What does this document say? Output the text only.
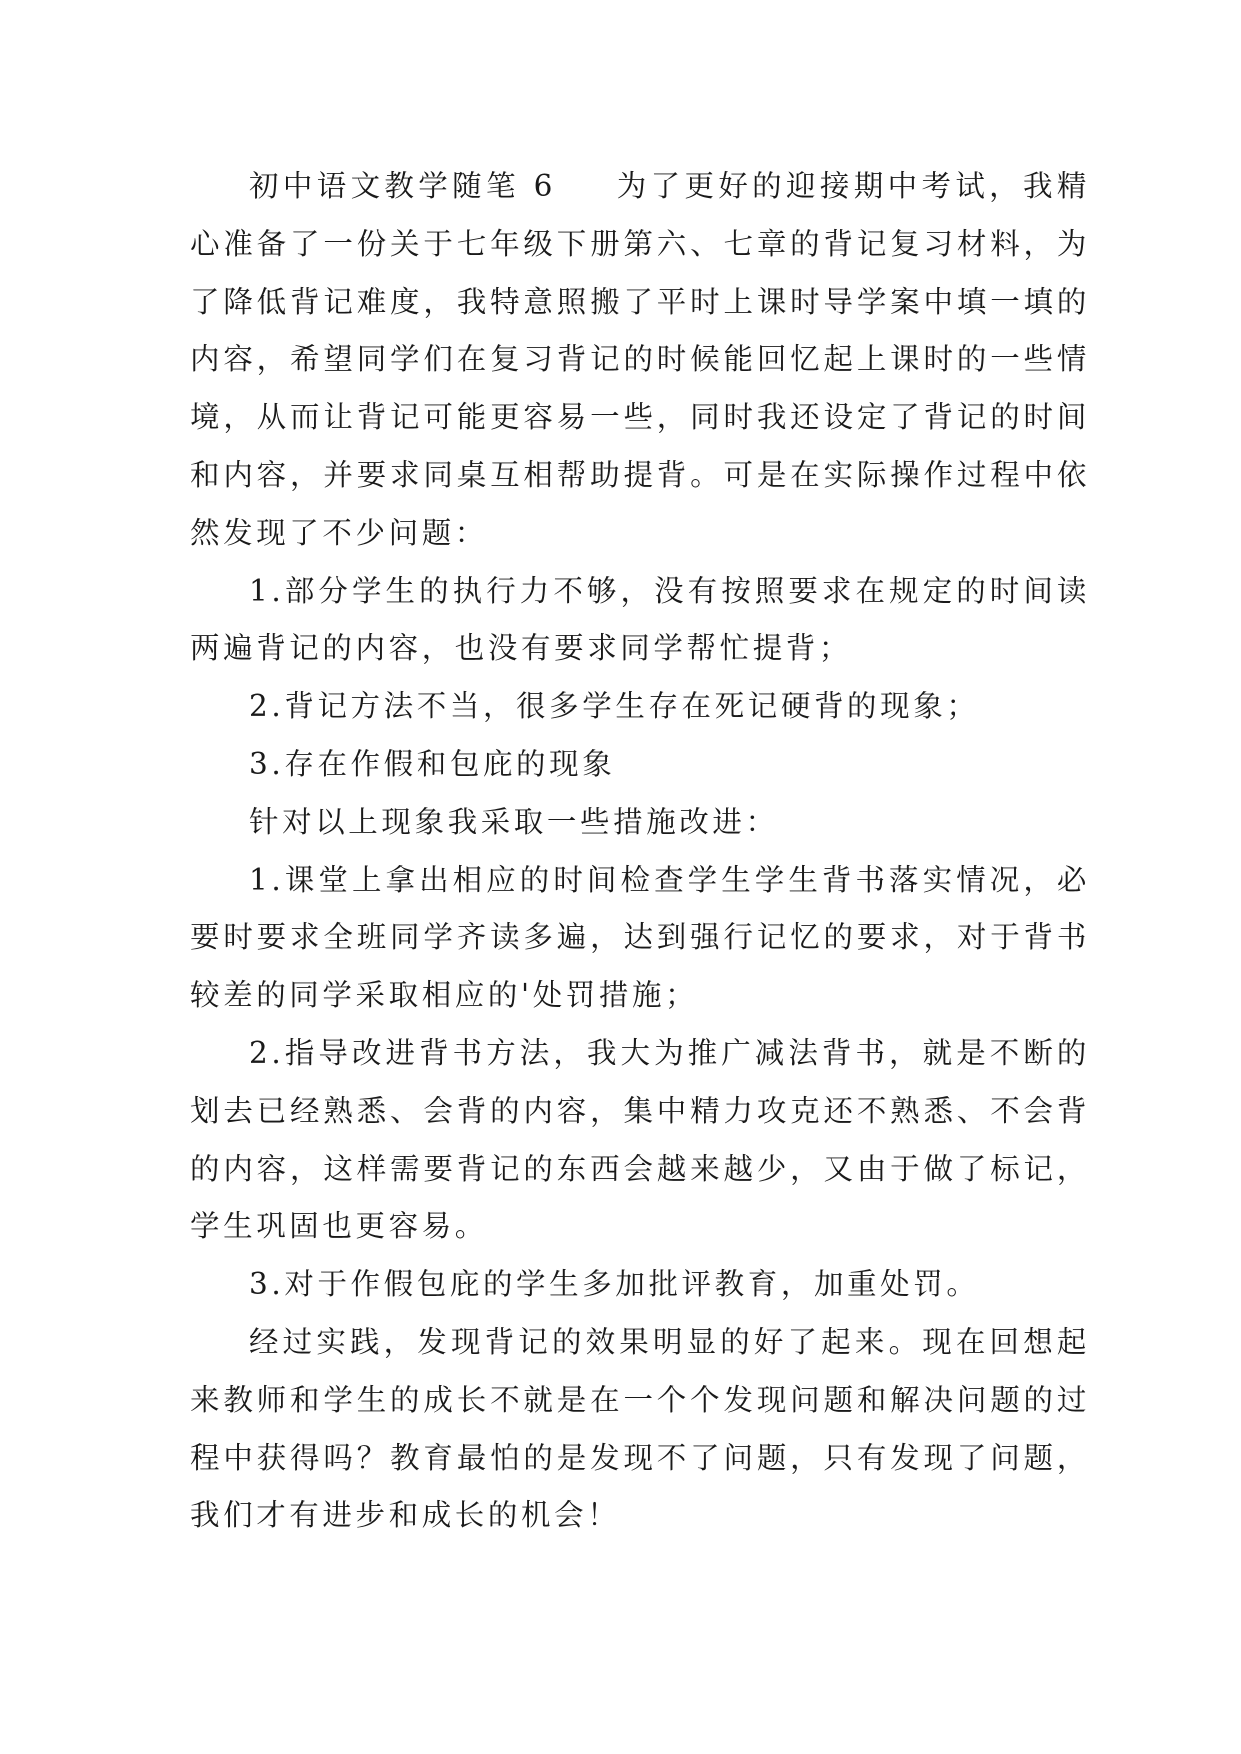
初中语文教学随笔 6 为了更好的迎接期中考试，我精心准备了一份关于七年级下册第六、七章的背记复习材料，为了降低背记难度，我特意照搬了平时上课时导学案中填一填的内容，希望同学们在复习背记的时候能回忆起上课时的一些情境，从而让背记可能更容易一些，同时我还设定了背记的时间和内容，并要求同桌互相帮助提背。可是在实际操作过程中依然发现了不少问题：

1.部分学生的执行力不够，没有按照要求在规定的时间读两遍背记的内容，也没有要求同学帮忙提背；

2.背记方法不当，很多学生存在死记硬背的现象；

3.存在作假和包庇的现象

针对以上现象我采取一些措施改进：

1.课堂上拿出相应的时间检查学生学生背书落实情况，必要时要求全班同学齐读多遍，达到强行记忆的要求，对于背书较差的同学采取相应的'处罚措施；

2.指导改进背书方法，我大为推广减法背书，就是不断的划去已经熟悉、会背的内容，集中精力攻克还不熟悉、不会背的内容，这样需要背记的东西会越来越少，又由于做了标记，学生巩固也更容易。

3.对于作假包庇的学生多加批评教育，加重处罚。

经过实践，发现背记的效果明显的好了起来。现在回想起来教师和学生的成长不就是在一个个发现问题和解决问题的过程中获得吗？教育最怕的是发现不了问题，只有发现了问题，我们才有进步和成长的机会！
